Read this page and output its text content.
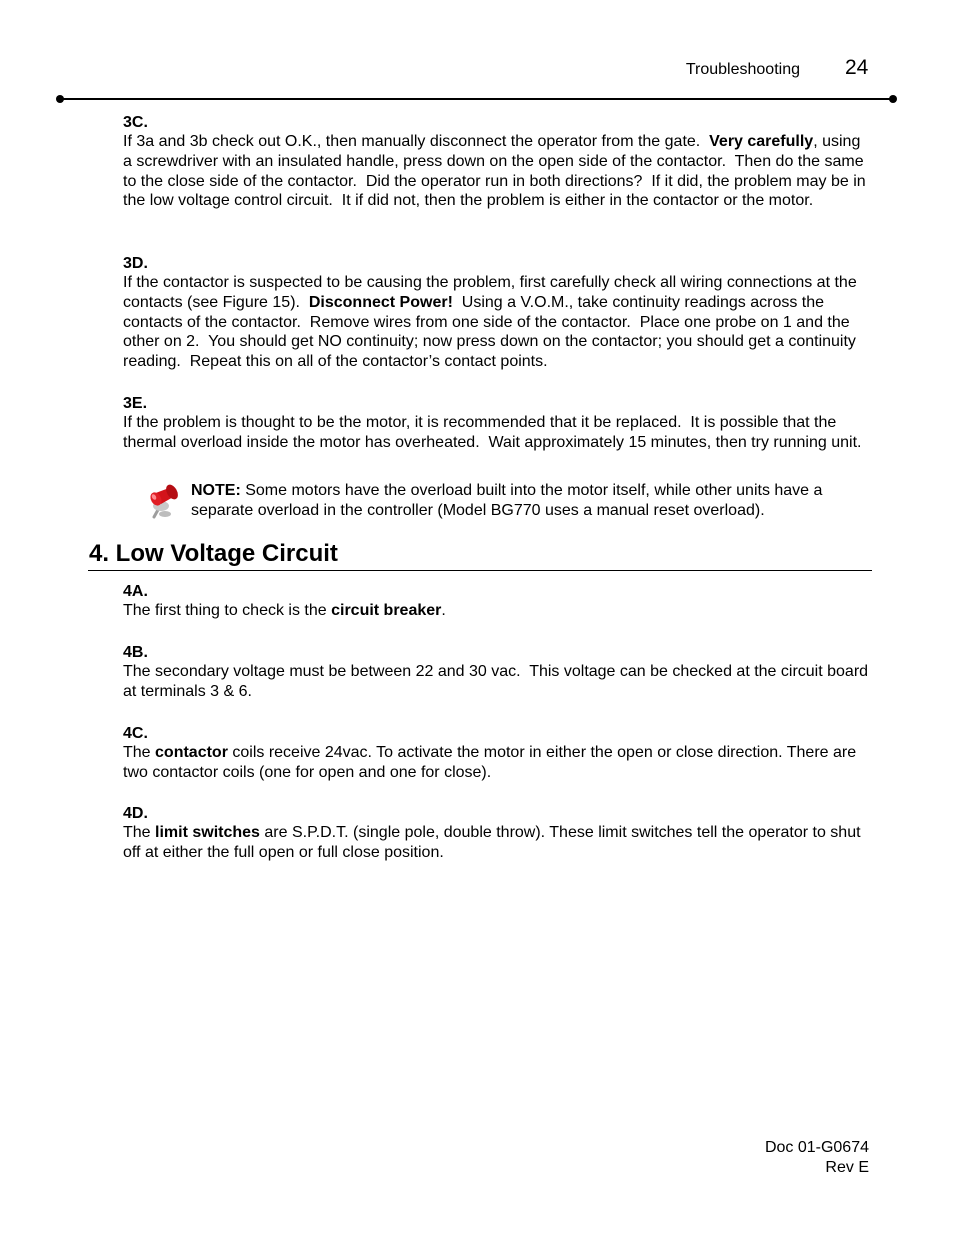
Troubleshooting 24
3C.

If 3a and 3b check out O.K., then manually disconnect the operator from the gate.  Very carefully, using a screwdriver with an insulated handle, press down on the open side of the contactor.  Then do the same to the close side of the contactor.  Did the operator run in both directions?  If it did, the problem may be in the low voltage control circuit.  It if did not, then the problem is either in the contactor or the motor.

3D.

If the contactor is suspected to be causing the problem, first carefully check all wiring connections at the contacts (see Figure 15).  Disconnect Power!  Using a V.O.M., take continuity readings across the contacts of the contactor.  Remove wires from one side of the contactor.  Place one probe on 1 and the other on 2.  You should get NO continuity; now press down on the contactor; you should get a continuity reading.  Repeat this on all of the contactor’s contact points.

3E.

If the problem is thought to be the motor, it is recommended that it be replaced.  It is possible that the thermal overload inside the motor has overheated.  Wait approximately 15 minutes, then try running unit.

NOTE: Some motors have the overload built into the motor itself, while other units have a separate overload in the controller (Model BG770 uses a manual reset overload).
4. Low Voltage Circuit
4A.

The first thing to check is the circuit breaker.

4B.

The secondary voltage must be between 22 and 30 vac.  This voltage can be checked at the circuit board at terminals 3 & 6.

4C.

The contactor coils receive 24vac. To activate the motor in either the open or close direction. There are two contactor coils (one for open and one for close).

4D.

The limit switches are S.P.D.T. (single pole, double throw). These limit switches tell the operator to shut off at either the full open or full close position.

Doc 01-G0674
Rev E
